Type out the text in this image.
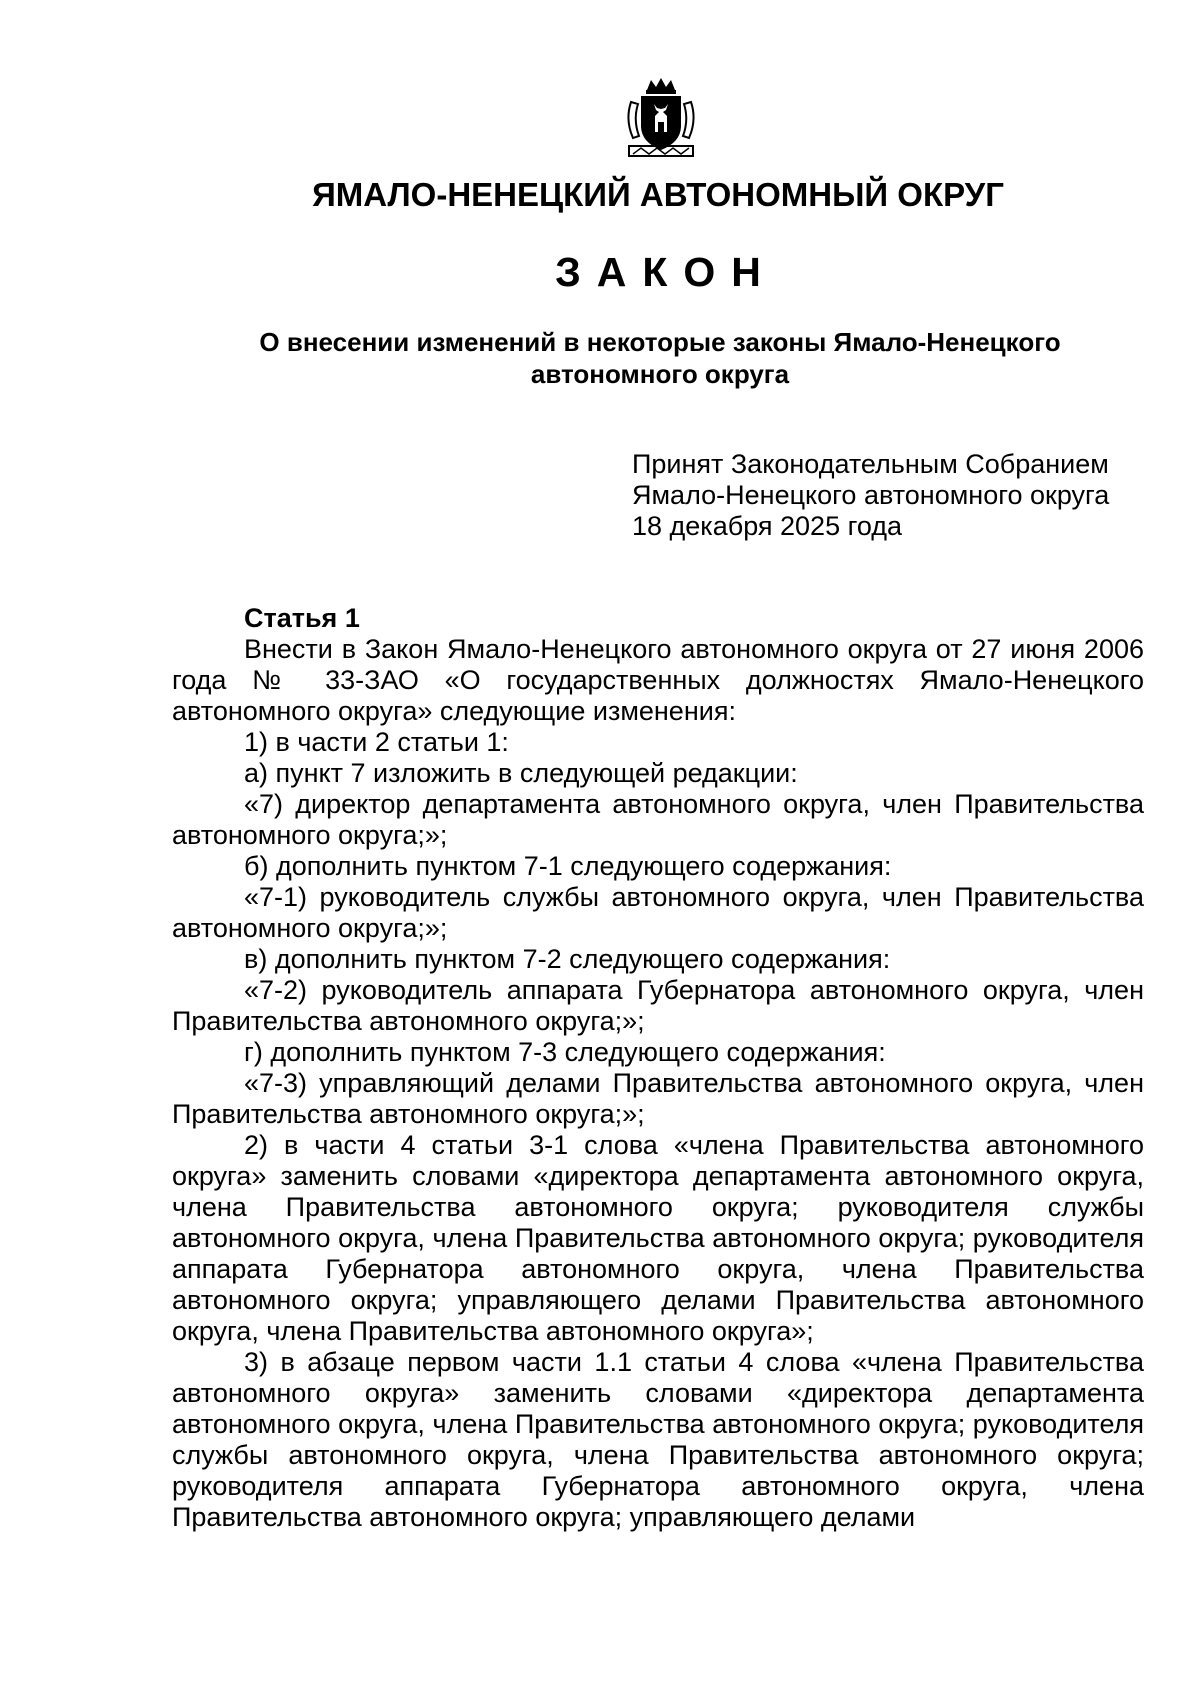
ЯМАЛО-НЕНЕЦКИЙ АВТОНОМНЫЙ ОКРУГ
ЗАКОН
О внесении изменений в некоторые законы Ямало-Ненецкого автономного округа
Принят Законодательным Собранием
Ямало-Ненецкого автономного округа
18 декабря 2025 года

Статья 1

Внести в Закон Ямало-Ненецкого автономного округа от 27 июня 2006 года № 33-ЗАО «О государственных должностях Ямало-Ненецкого автономного округа» следующие изменения:

1) в части 2 статьи 1:

а) пункт 7 изложить в следующей редакции:

«7) директор департамента автономного округа, член Правительства автономного округа;»;

б) дополнить пунктом 7-1 следующего содержания:

«7-1) руководитель службы автономного округа, член Правительства автономного округа;»;

в) дополнить пунктом 7-2 следующего содержания:

«7-2) руководитель аппарата Губернатора автономного округа, член Правительства автономного округа;»;

г) дополнить пунктом 7-3 следующего содержания:

«7-3) управляющий делами Правительства автономного округа, член Правительства автономного округа;»;

2) в части 4 статьи 3-1 слова «члена Правительства автономного округа» заменить словами «директора департамента автономного округа, члена Правительства автономного округа; руководителя службы автономного округа, члена Правительства автономного округа; руководителя аппарата Губернатора автономного округа, члена Правительства автономного округа; управляющего делами Правительства автономного округа, члена Правительства автономного округа»;

3) в абзаце первом части 1.1 статьи 4 слова «члена Правительства автономного округа» заменить словами «директора департамента автономного округа, члена Правительства автономного округа; руководителя службы автономного округа, члена Правительства автономного округа; руководителя аппарата Губернатора автономного округа, члена Правительства автономного округа; управляющего делами
